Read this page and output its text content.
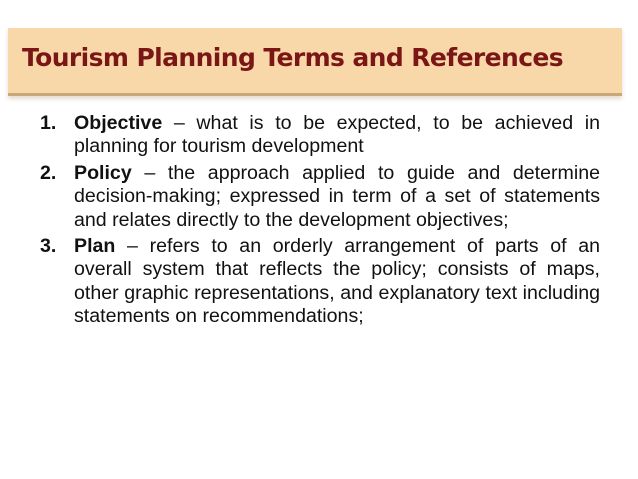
Tourism Planning Terms and References
1. Objective – what is to be expected, to be achieved in planning for tourism development
2. Policy – the approach applied to guide and determine decision-making; expressed in term of a set of statements and relates directly to the development objectives;
3. Plan – refers to an orderly arrangement of parts of an overall system that reflects the policy; consists of maps, other graphic representations, and explanatory text including statements on recommendations;
